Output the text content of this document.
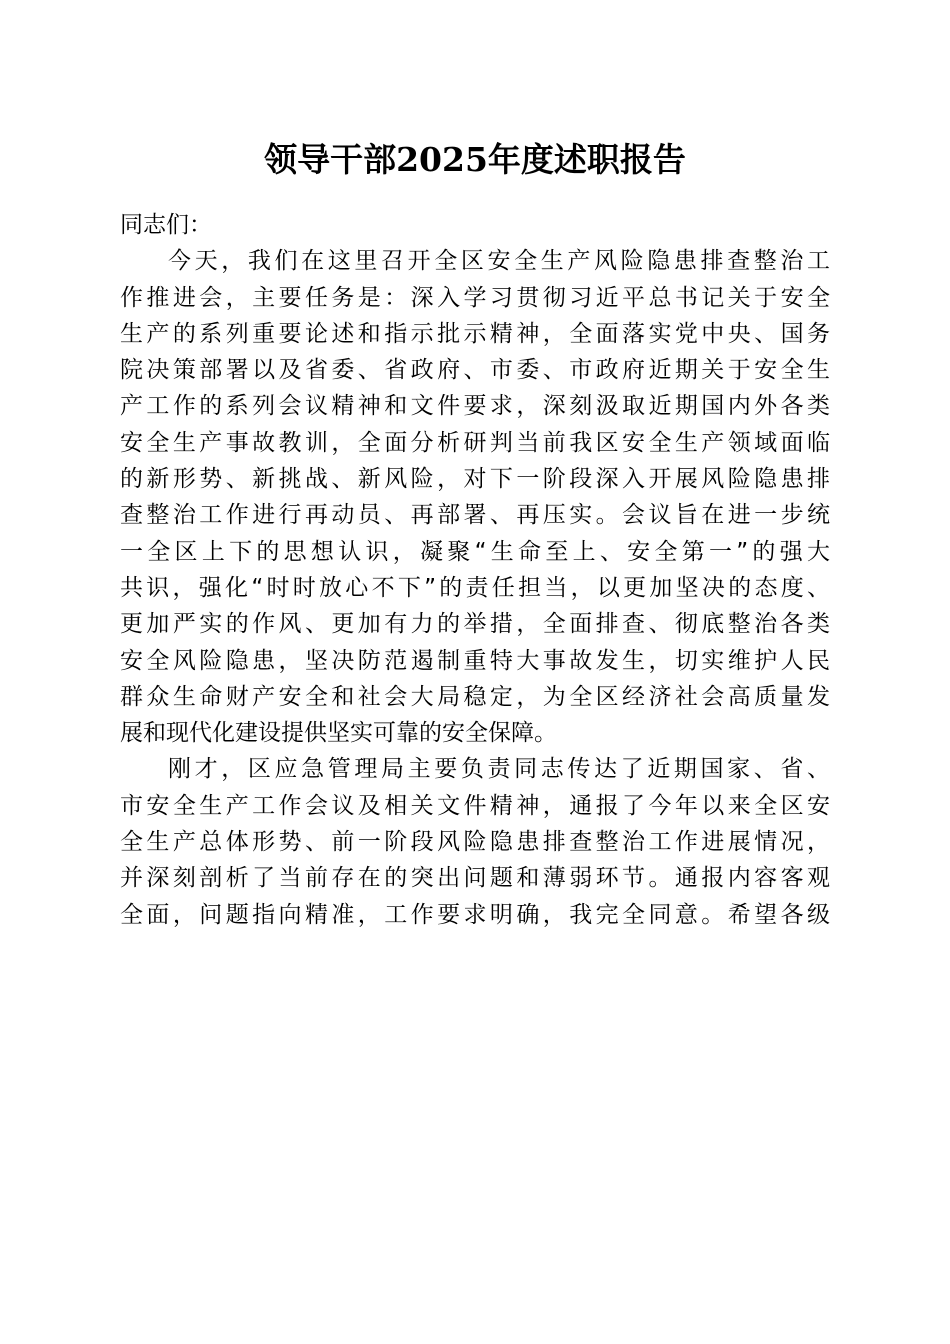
领导干部2025年度述职报告
同志们：
今天，我们在这里召开全区安全生产风险隐患排查整治工
作推进会，主要任务是：深入学习贯彻习近平总书记关于安全
生产的系列重要论述和指示批示精神，全面落实党中央、国务
院决策部署以及省委、省政府、市委、市政府近期关于安全生
产工作的系列会议精神和文件要求，深刻汲取近期国内外各类
安全生产事故教训，全面分析研判当前我区安全生产领域面临
的新形势、新挑战、新风险，对下一阶段深入开展风险隐患排
查整治工作进行再动员、再部署、再压实。会议旨在进一步统
一全区上下的思想认识，凝聚“生命至上、安全第一”的强大
共识，强化“时时放心不下”的责任担当，以更加坚决的态度、
更加严实的作风、更加有力的举措，全面排查、彻底整治各类
安全风险隐患，坚决防范遏制重特大事故发生，切实维护人民
群众生命财产安全和社会大局稳定，为全区经济社会高质量发
展和现代化建设提供坚实可靠的安全保障。
刚才，区应急管理局主要负责同志传达了近期国家、省、
市安全生产工作会议及相关文件精神，通报了今年以来全区安
全生产总体形势、前一阶段风险隐患排查整治工作进展情况，
并深刻剖析了当前存在的突出问题和薄弱环节。通报内容客观
全面，问题指向精准，工作要求明确，我完全同意。希望各级
